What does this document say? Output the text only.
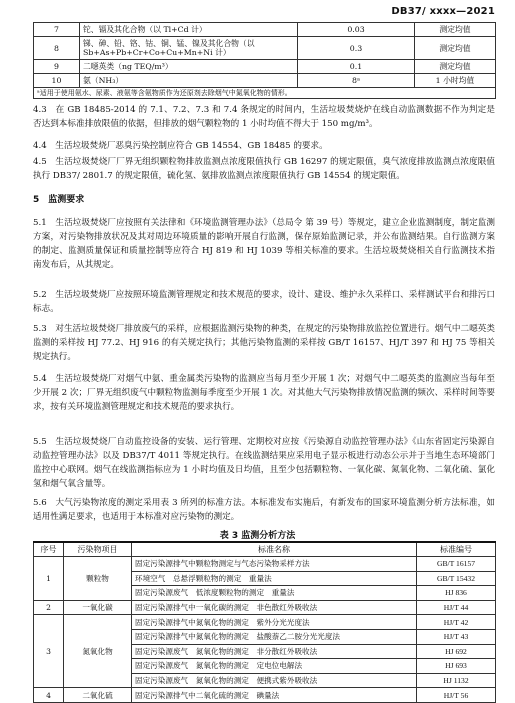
DB37/ xxxx—2021
7	铊、镉及其化合物（以 Tl+Cd 计）	0.03	测定均值
8	锑、砷、铅、铬、钴、铜、锰、镍及其化合物（以 Sb+As+Pb+Cr+Co+Cu+Mn+Ni 计）	0.3	测定均值
9	二噁英类（ng TEQ/m³）	0.1	测定均值
10	氨（NH₃）	8ᵃ	1 小时均值
ᵃ适用于使用氨水、尿素、液氨等含氨物质作为还原剂去除烟气中氮氧化物的情形。			

4.3　在 GB 18485-2014 的 7.1、7.2、7.3 和 7.4 条规定的时间内，生活垃圾焚烧炉在线自动监测数据不作为判定是否达到本标准排放限值的依据，但排放的烟气颗粒物的 1 小时均值不得大于 150 mg/m³。

4.4　生活垃圾焚烧厂恶臭污染控制应符合 GB 14554、GB 18485 的要求。

4.5　生活垃圾焚烧厂厂界无组织颗粒物排放监测点浓度限值执行 GB 16297 的规定限值，臭气浓度排放监测点浓度限值执行 DB37/ 2801.7 的规定限值，硫化氢、氨排放监测点浓度限值执行 GB 14554 的规定限值。

5　监测要求

5.1　生活垃圾焚烧厂应按照有关法律和《环境监测管理办法》（总局令 第 39 号）等规定，建立企业监测制度，制定监测方案，对污染物排放状况及其对周边环境质量的影响开展自行监测，保存原始监测记录，并公布监测结果。自行监测方案的制定、监测质量保证和质量控制等应符合 HJ 819 和 HJ 1039 等相关标准的要求。生活垃圾焚烧相关自行监测技术指南发布后，从其规定。

5.2　生活垃圾焚烧厂应按照环境监测管理规定和技术规范的要求，设计、建设、维护永久采样口、采样测试平台和排污口标志。

5.3　对生活垃圾焚烧厂排放废气的采样，应根据监测污染物的种类，在规定的污染物排放监控位置进行。烟气中二噁英类监测的采样按 HJ 77.2、HJ 916 的有关规定执行；其他污染物监测的采样按 GB/T 16157、HJ/T 397 和 HJ 75 等相关规定执行。

5.4　生活垃圾焚烧厂对烟气中氨、重金属类污染物的监测应当每月至少开展 1 次；对烟气中二噁英类的监测应当每年至少开展 2 次；厂界无组织废气中颗粒物监测每季度至少开展 1 次。对其他大气污染物排放情况监测的频次、采样时间等要求，按有关环境监测管理规定和技术规范的要求执行。

5.5　生活垃圾焚烧厂自动监控设备的安装、运行管理、定期校对应按《污染源自动监控管理办法》《山东省固定污染源自动监控管理办法》以及 DB37/T 4011 等规定执行。在线监测结果应采用电子显示板进行动态公示并于当地生态环境部门监控中心联网。烟气在线监测指标应为 1 小时均值及日均值，且至少包括颗粒物、一氧化碳、氮氧化物、二氧化硫、氯化氢和烟气氧含量等。

5.6　大气污染物浓度的测定采用表 3 所列的标准方法。本标准发布实施后，有新发布的国家环境监测分析方法标准，如适用性满足要求，也适用于本标准对应污染物的测定。

表 3 监测分析方法
序号	污染物项目	标准名称	标准编号
1	颗粒物	固定污染源排气中颗粒物测定与气态污染物采样方法	GB/T 16157
		环境空气　总悬浮颗粒物的测定　重量法	GB/T 15432
		固定污染源废气　低浓度颗粒物的测定　重量法	HJ 836
2	一氧化碳	固定污染源排气中一氧化碳的测定　非色散红外吸收法	HJ/T 44
3	氮氧化物	固定污染源排气中氮氧化物的测定　紫外分光光度法	HJ/T 42
		固定污染源排气中氮氧化物的测定　盐酸萘乙二胺分光光度法	HJ/T 43
		固定污染源废气　氮氧化物的测定　非分散红外吸收法	HJ 692
		固定污染源废气　氮氧化物的测定　定电位电解法	HJ 693
		固定污染源废气　氮氧化物的测定　便携式紫外吸收法	HJ 1132
4	二氧化硫	固定污染源排气中二氧化硫的测定　碘量法	HJ/T 56
